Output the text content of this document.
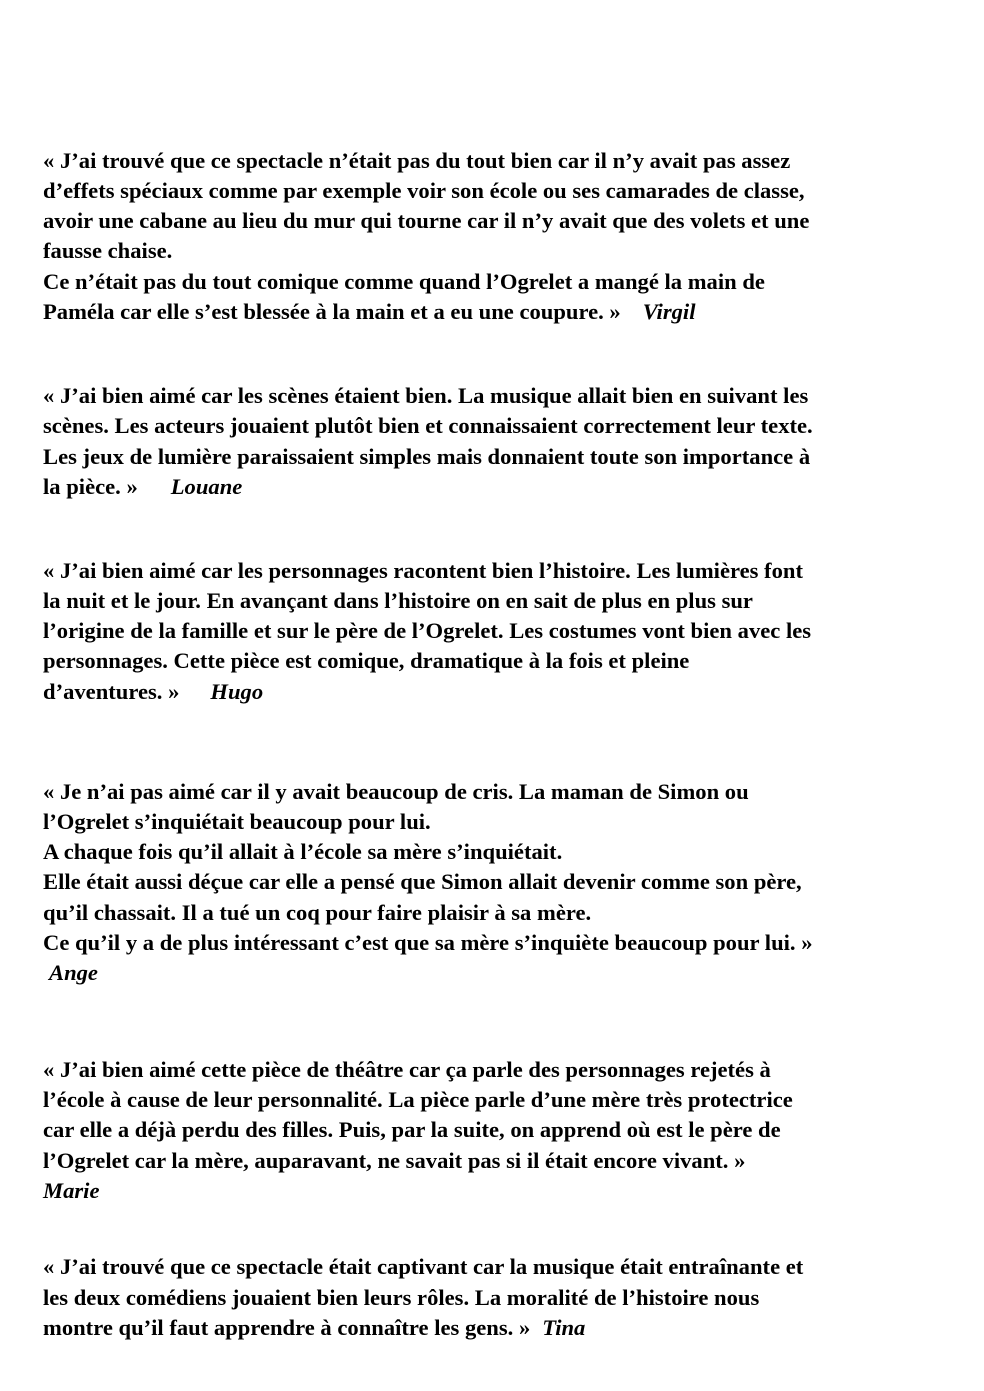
« J’ai trouvé que ce spectacle n’était pas du tout bien car il n’y avait pas assez
d’effets spéciaux comme par exemple voir son école ou ses camarades de classe,
avoir une cabane au lieu du mur qui tourne car il n’y avait que des volets et une
fausse chaise.
Ce n’était pas du tout comique comme quand l’Ogrelet a mangé la main de
Paméla car elle s’est blessée à la main et a eu une coupure. » Virgil
« J’ai bien aimé car les scènes étaient bien. La musique allait bien en suivant les
scènes. Les acteurs jouaient plutôt bien et connaissaient correctement leur texte.
Les jeux de lumière paraissaient simples mais donnaient toute son importance à
la pièce. » Louane
« J’ai bien aimé car les personnages racontent bien l’histoire. Les lumières font
la nuit et le jour. En avançant dans l’histoire on en sait de plus en plus sur
l’origine de la famille et sur le père de l’Ogrelet. Les costumes vont bien avec les
personnages. Cette pièce est comique, dramatique à la fois et pleine
d’aventures. » Hugo
« Je n’ai pas aimé car il y avait beaucoup de cris. La maman de Simon ou
l’Ogrelet s’inquiétait beaucoup pour lui.
A chaque fois qu’il allait à l’école sa mère s’inquiétait.
Elle était aussi déçue car elle a pensé que Simon allait devenir comme son père,
qu’il chassait. Il a tué un coq pour faire plaisir à sa mère.
Ce qu’il y a de plus intéressant c’est que sa mère s’inquiète beaucoup pour lui. »
Ange
« J’ai bien aimé cette pièce de théâtre car ça parle des personnages rejetés à
l’école à cause de leur personnalité. La pièce parle d’une mère très protectrice
car elle a déjà perdu des filles. Puis, par la suite, on apprend où est le père de
l’Ogrelet car la mère, auparavant, ne savait pas si il était encore vivant. »
Marie
« J’ai trouvé que ce spectacle était captivant car la musique était entraînante et
les deux comédiens jouaient bien leurs rôles. La moralité de l’histoire nous
montre qu’il faut apprendre à connaître les gens. » Tina
